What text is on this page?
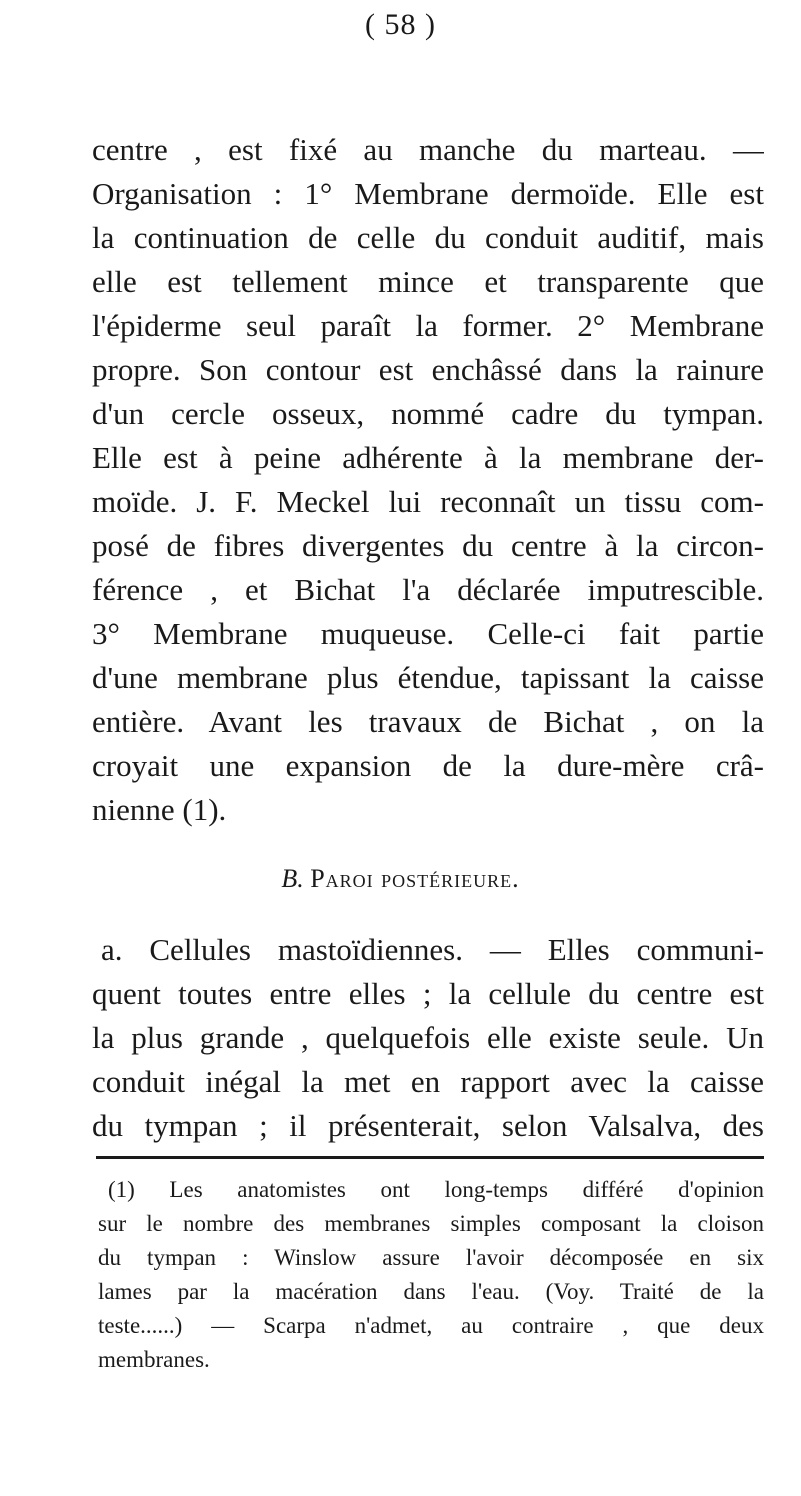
( 58 )
centre , est fixé au manche du marteau. —
Organisation : 1° Membrane dermoïde. Elle est
la continuation de celle du conduit auditif, mais
elle est tellement mince et transparente que
l'épiderme seul paraît la former. 2° Membrane
propre. Son contour est enchâssé dans la rainure
d'un cercle osseux, nommé cadre du tympan.
Elle est à peine adhérente à la membrane der-
moïde. J. F. Meckel lui reconnaît un tissu com-
posé de fibres divergentes du centre à la circon-
férence , et Bichat l'a déclarée imputrescible.
3° Membrane muqueuse. Celle-ci fait partie
d'une membrane plus étendue, tapissant la caisse
entière. Avant les travaux de Bichat , on la
croyait une expansion de la dure-mère crâ-
nienne (1).
B. Paroi postérieure.
a. Cellules mastoïdiennes. — Elles communi-
quent toutes entre elles ; la cellule du centre est
la plus grande , quelquefois elle existe seule. Un
conduit inégal la met en rapport avec la caisse
du tympan ; il présenterait, selon Valsalva, des
(1) Les anatomistes ont long-temps différé d'opinion
sur le nombre des membranes simples composant la cloison
du tympan : Winslow assure l'avoir décomposée en six
lames par la macération dans l'eau. (Voy. Traité de la
teste......) — Scarpa n'admet, au contraire , que deux
membranes.
